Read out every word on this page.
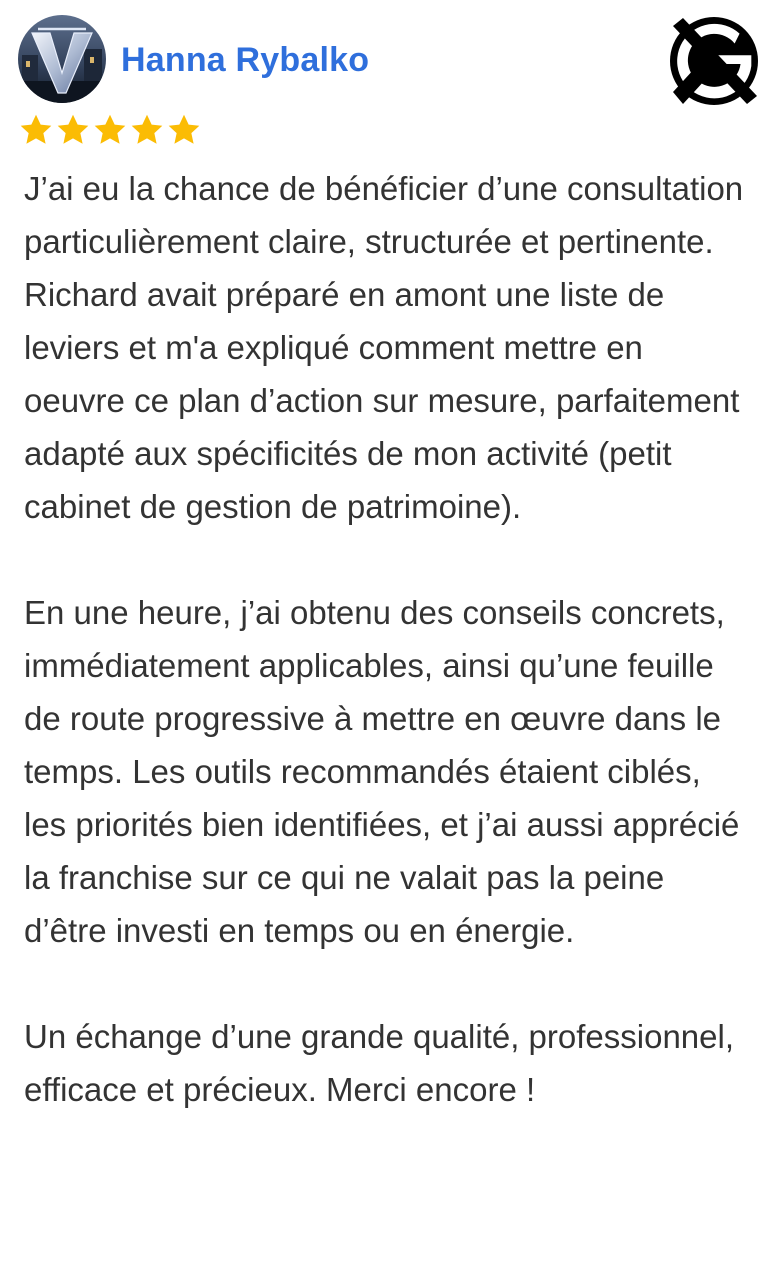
Hanna Rybalko

J’ai eu la chance de bénéficier d’une consultation particulièrement claire, structurée et pertinente. Richard avait préparé en amont une liste de leviers et m'a expliqué comment mettre en oeuvre ce plan d’action sur mesure, parfaitement adapté aux spécificités de mon activité (petit cabinet de gestion de patrimoine).

En une heure, j’ai obtenu des conseils concrets, immédiatement applicables, ainsi qu’une feuille de route progressive à mettre en œuvre dans le temps. Les outils recommandés étaient ciblés, les priorités bien identifiées, et j’ai aussi apprécié la franchise sur ce qui ne valait pas la peine d’être investi en temps ou en énergie.

Un échange d’une grande qualité, professionnel, efficace et précieux. Merci encore !
